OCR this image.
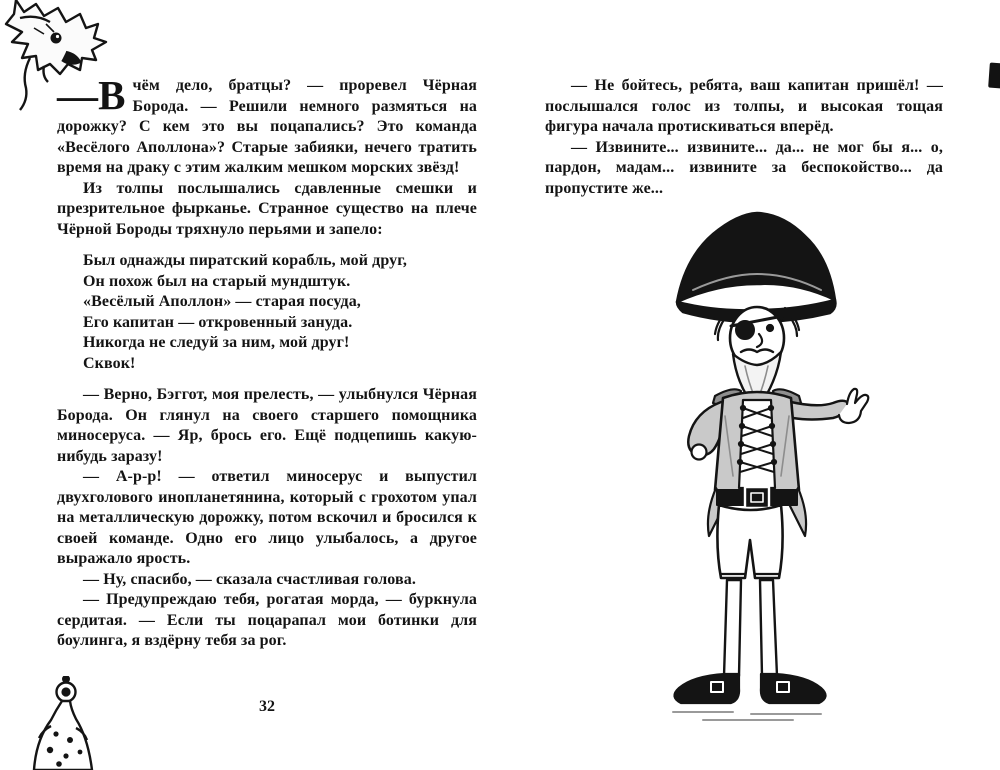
—В чём дело, братцы? — проревел Чёрная Борода. — Решили немного размяться на дорожку? С кем это вы поцапались? Это команда «Весёлого Аполлона»? Старые забияки, нечего тратить время на драку с этим жалким мешком морских звёзд!

Из толпы послышались сдавленные смешки и презрительное фырканье. Странное существо на плече Чёрной Бороды тряхнуло перьями и запело:

Был однажды пиратский корабль, мой друг,
Он похож был на старый мундштук.
«Весёлый Аполлон» — старая посуда,
Его капитан — откровенный зануда.
Никогда не следуй за ним, мой друг!
Сквок!

— Верно, Бэггот, моя прелесть, — улыбнулся Чёрная Борода. Он глянул на своего старшего помощника миносеруса. — Яр, брось его. Ещё подцепишь какую-нибудь заразу!

— А-р-р! — ответил миносерус и выпустил двухголового инопланетянина, который с грохотом упал на металлическую дорожку, потом вскочил и бросился к своей команде. Одно его лицо улыбалось, а другое выражало ярость.

— Ну, спасибо, — сказала счастливая голова.

— Предупреждаю тебя, рогатая морда, — буркнула сердитая. — Если ты поцарапал мои ботинки для боулинга, я вздёрну тебя за рог.

32

— Не бойтесь, ребята, ваш капитан пришёл! — послышался голос из толпы, и высокая тощая фигура начала протискиваться вперёд.

— Извините... извините... да... не мог бы я... о, пардон, мадам... извините за беспокойство... да пропустите же...
